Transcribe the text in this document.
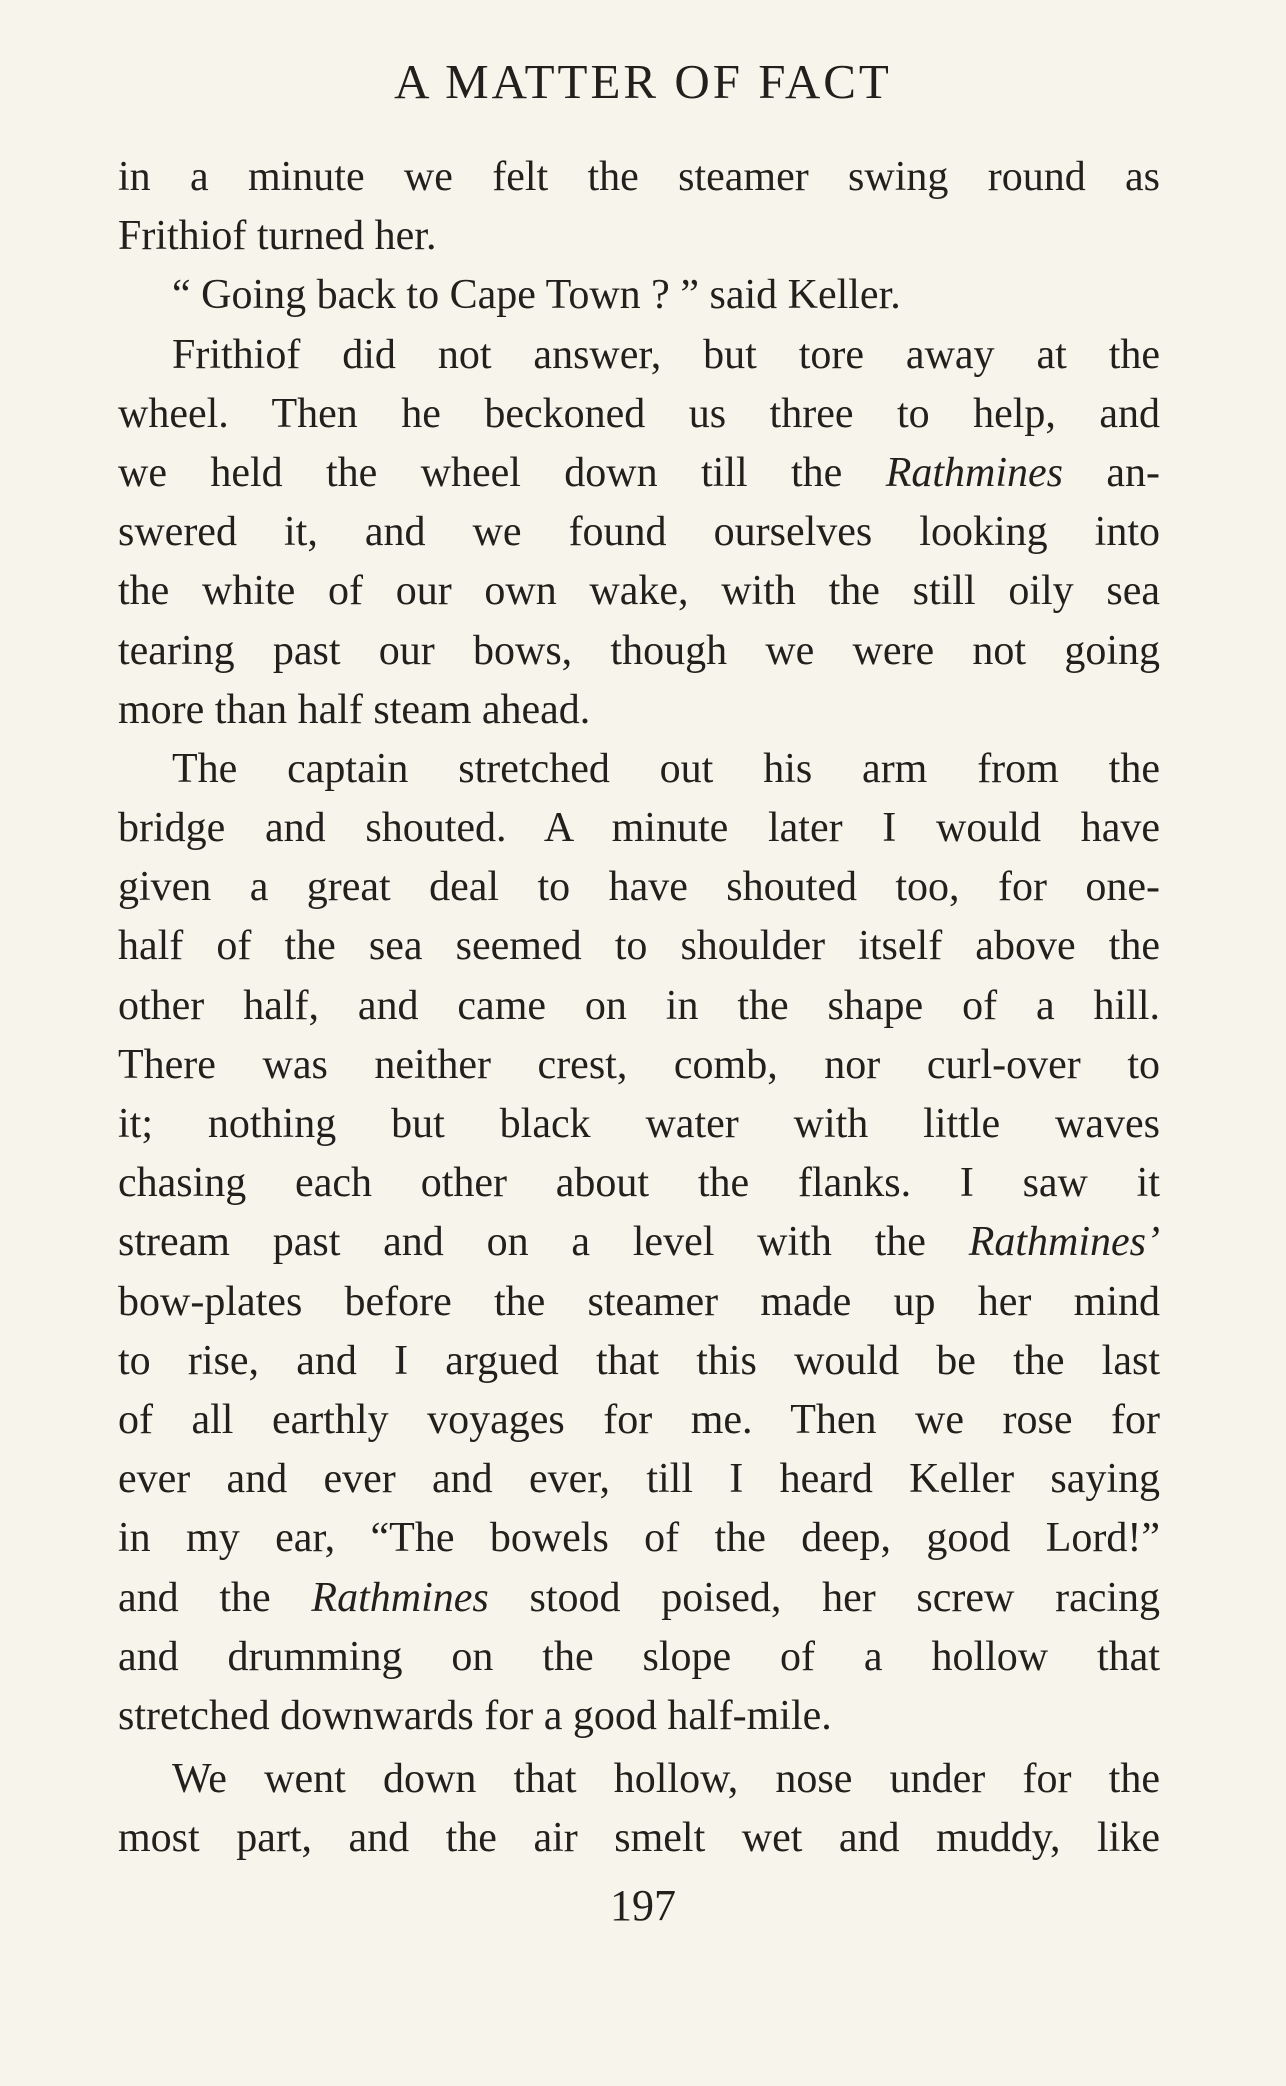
A MATTER OF FACT
in a minute we felt the steamer swing round as
Frithiof turned her.
“ Going back to Cape Town ? ” said Keller.
Frithiof did not answer, but tore away at the
wheel. Then he beckoned us three to help, and
we held the wheel down till the Rathmines an-
swered it, and we found ourselves looking into
the white of our own wake, with the still oily sea
tearing past our bows, though we were not going
more than half steam ahead.
The captain stretched out his arm from the
bridge and shouted. A minute later I would have
given a great deal to have shouted too, for one-
half of the sea seemed to shoulder itself above the
other half, and came on in the shape of a hill.
There was neither crest, comb, nor curl-over to
it; nothing but black water with little waves
chasing each other about the flanks. I saw it
stream past and on a level with the Rathmines’
bow-plates before the steamer made up her mind
to rise, and I argued that this would be the last
of all earthly voyages for me. Then we rose for
ever and ever and ever, till I heard Keller saying
in my ear, “The bowels of the deep, good Lord!”
and the Rathmines stood poised, her screw racing
and drumming on the slope of a hollow that
stretched downwards for a good half-mile.
We went down that hollow, nose under for the
most part, and the air smelt wet and muddy, like
197
